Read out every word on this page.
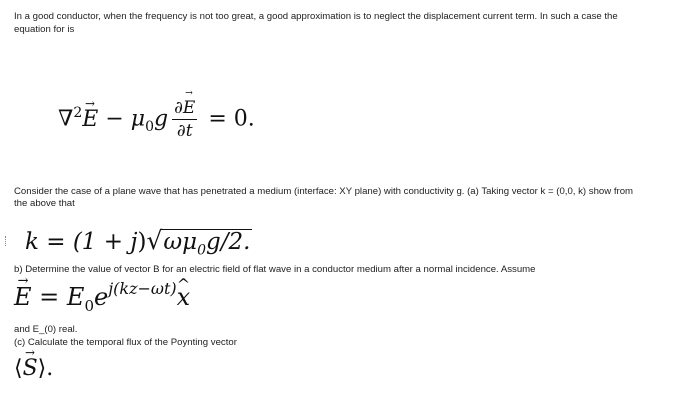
In a good conductor, when the frequency is not too great, a good approximation is to neglect the displacement current term. In such a case the
equation for is
$\nabla^2\to E - \mu_0g \frac{\partial\to E}{\partial t} = 0$.
Consider the case of a plane wave that has penetrated a medium (interface: XY plane) with conductivity g. (a) Taking vector k = (0,0, k) show from
the above that
$k = (1 + j)√\omega\mu_0g/2$.
b) Determine the value of vector B for an electric field of flat wave in a conductor medium after a normal incidence. Assume
→ $E = E_0e^{j(kz-\omega t)}\^{}$ x
and E_(0) real.
(c) Calculate the temporal flux of the Poynting vector
⟨→ S⟩.
